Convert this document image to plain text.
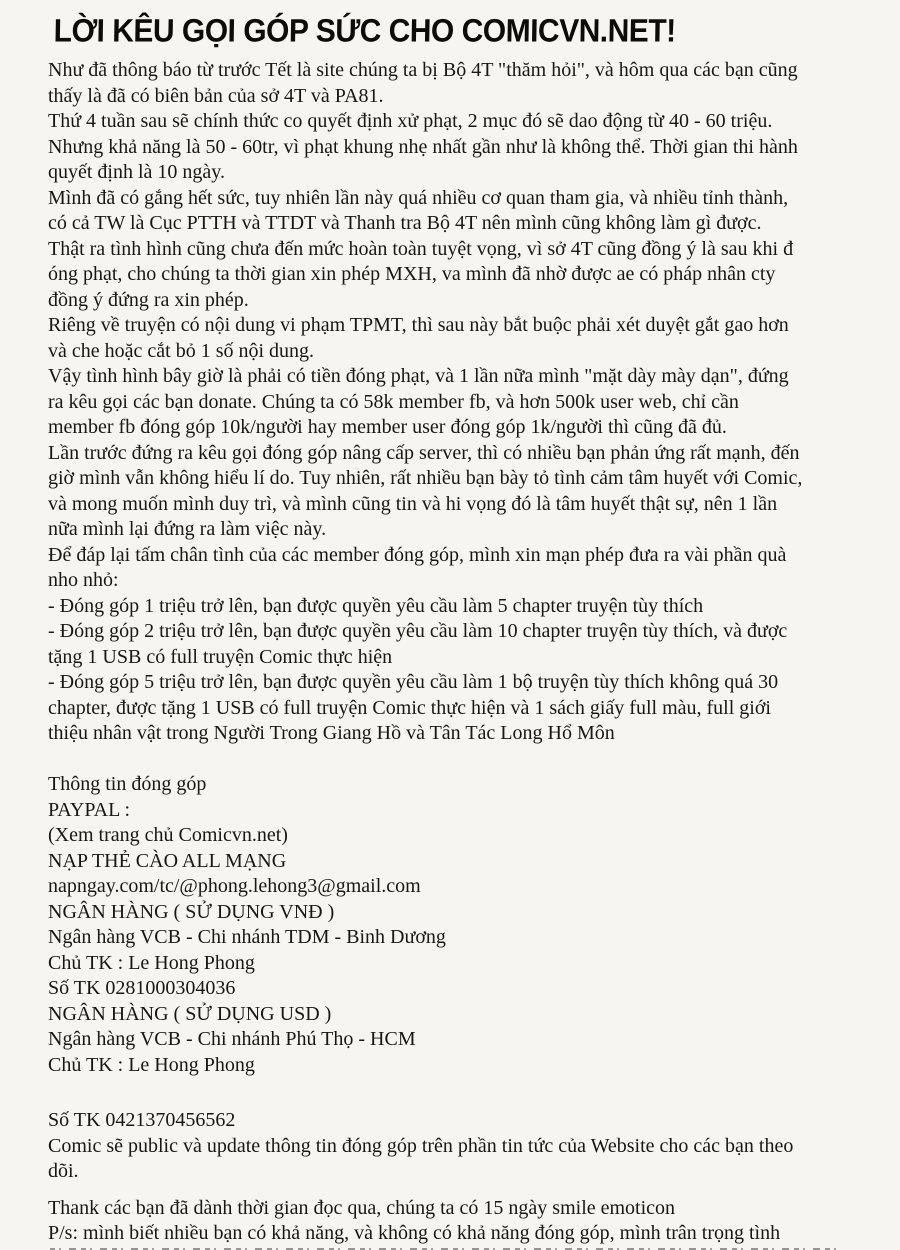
LỜI KÊU GỌI GÓP SỨC CHO COMICVN.NET!
Như đã thông báo từ trước Tết là site chúng ta bị Bộ 4T "thăm hỏi", và hôm qua các bạn cũng
thấy là đã có biên bản của sở 4T và PA81.
Thứ 4 tuần sau sẽ chính thức co quyết định xử phạt, 2 mục đó sẽ dao động từ 40 - 60 triệu.
Nhưng khả năng là 50 - 60tr, vì phạt khung nhẹ nhất gần như là không thể. Thời gian thi hành
quyết định là 10 ngày.
Mình đã có gắng hết sức, tuy nhiên lần này quá nhiều cơ quan tham gia, và nhiều tỉnh thành,
có cả TW là Cục PTTH và TTDT và Thanh tra Bộ 4T nên mình cũng không làm gì được.
Thật ra tình hình cũng chưa đến mức hoàn toàn tuyệt vọng, vì sở 4T cũng đồng ý là sau khi đ
óng phạt, cho chúng ta thời gian xin phép MXH, va mình đã nhờ được ae có pháp nhân cty
đồng ý đứng ra xin phép.
Riêng về truyện có nội dung vi phạm TPMT, thì sau này bắt buộc phải xét duyệt gắt gao hơn
và che hoặc cắt bỏ 1 số nội dung.
Vậy tình hình bây giờ là phải có tiền đóng phạt, và 1 lần nữa mình "mặt dày mày dạn", đứng
ra kêu gọi các bạn donate. Chúng ta có 58k member fb, và hơn 500k user web, chỉ cần
member fb đóng góp 10k/người hay member user đóng góp 1k/người thì cũng đã đủ.
Lần trước đứng ra kêu gọi đóng góp nâng cấp server, thì có nhiều bạn phản ứng rất mạnh, đến
giờ mình vẫn không hiểu lí do. Tuy nhiên, rất nhiều bạn bày tỏ tình cảm tâm huyết với Comic,
và mong muốn mình duy trì, và mình cũng tin và hi vọng đó là tâm huyết thật sự, nên 1 lần
nữa mình lại đứng ra làm việc này.
Để đáp lại tấm chân tình của các member đóng góp, mình xin mạn phép đưa ra vài phần quà
nho nhỏ:
- Đóng góp 1 triệu trở lên, bạn được quyền yêu cầu làm 5 chapter truyện tùy thích
- Đóng góp 2 triệu trở lên, bạn được quyền yêu cầu làm 10 chapter truyện tùy thích, và được
tặng 1 USB có full truyện Comic thực hiện
- Đóng góp 5 triệu trở lên, bạn được quyền yêu cầu làm 1 bộ truyện tùy thích không quá 30
chapter, được tặng 1 USB có full truyện Comic thực hiện và 1 sách giấy full màu, full giới
thiệu nhân vật trong Người Trong Giang Hồ và Tân Tác Long Hổ Môn
Thông tin đóng góp
PAYPAL :
(Xem trang chủ Comicvn.net)
NẠP THẺ CÀO ALL MẠNG
napngay.com/tc/@phong.lehong3@gmail.com
NGÂN HÀNG ( SỬ DỤNG VNĐ )
Ngân hàng VCB - Chi nhánh TDM - Binh Dương
Chủ TK : Le Hong Phong
Số TK 0281000304036
NGÂN HÀNG ( SỬ DỤNG USD )
Ngân hàng VCB - Chi nhánh Phú Thọ - HCM
Chủ TK : Le Hong Phong
Số TK 0421370456562
Comic sẽ public và update thông tin đóng góp trên phần tin tức của Website cho các bạn theo
dõi.
Thank các bạn đã dành thời gian đọc qua, chúng ta có 15 ngày smile emoticon
P/s: mình biết nhiều bạn có khả năng, và không có khả năng đóng góp, mình trân trọng tình
